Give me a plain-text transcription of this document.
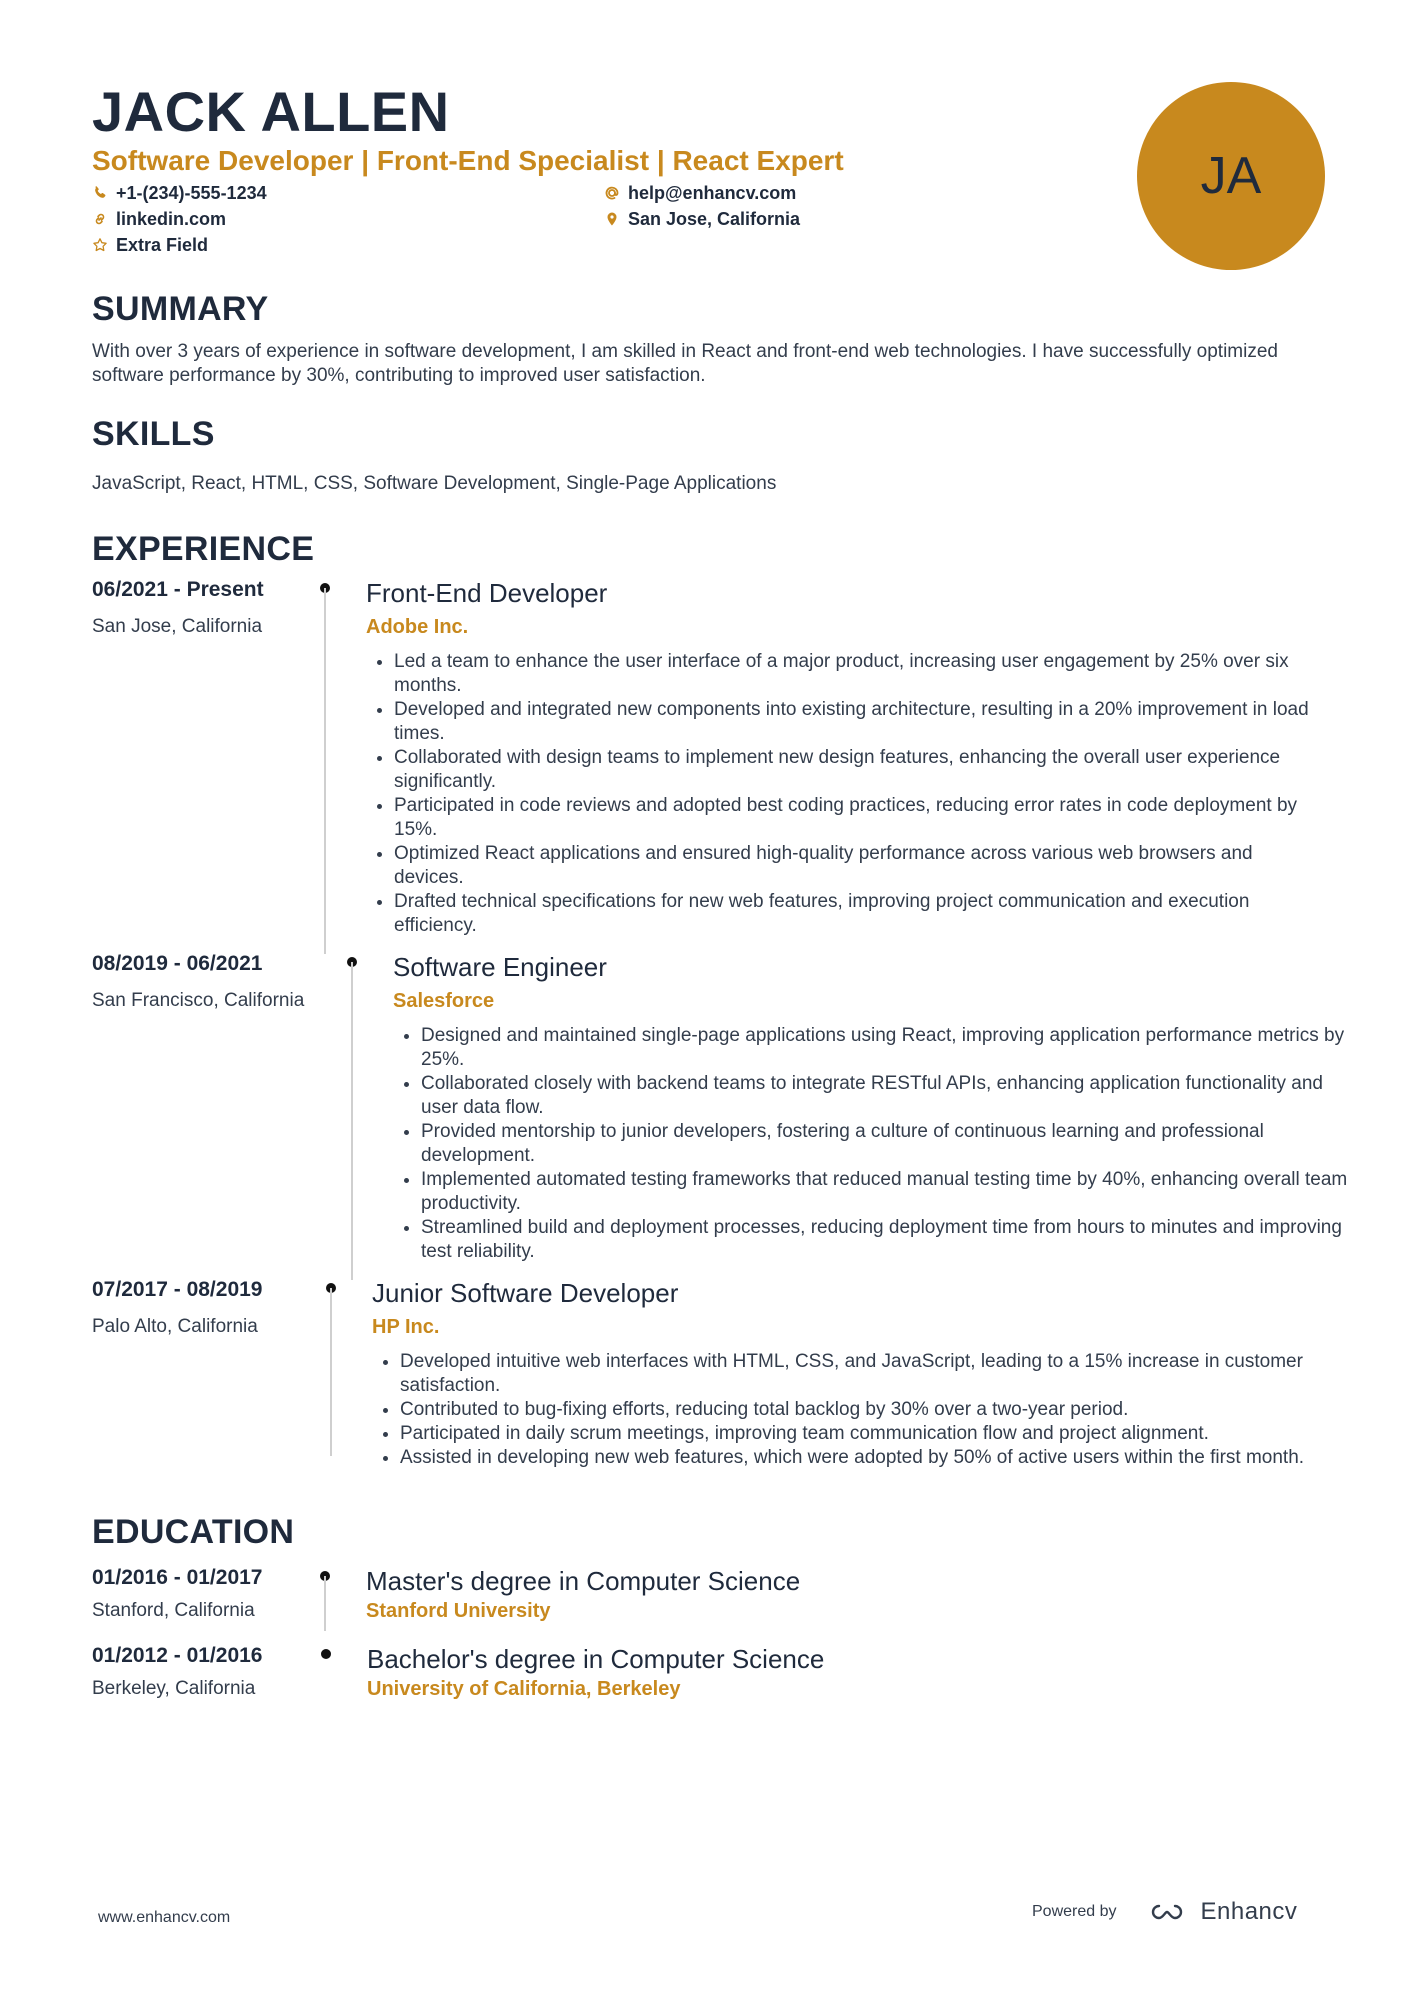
JACK ALLEN
Software Developer | Front-End Specialist | React Expert
+1-(234)-555-1234	help@enhancv.com
linkedin.com	San Jose, California
Extra Field
JA
SUMMARY
With over 3 years of experience in software development, I am skilled in React and front-end web technologies. I have successfully optimized software performance by 30%, contributing to improved user satisfaction.
SKILLS
JavaScript, React, HTML, CSS, Software Development, Single-Page Applications
EXPERIENCE
06/2021 - Present
San Jose, California
Front-End Developer
Adobe Inc.
• Led a team to enhance the user interface of a major product, increasing user engagement by 25% over six months.
• Developed and integrated new components into existing architecture, resulting in a 20% improvement in load times.
• Collaborated with design teams to implement new design features, enhancing the overall user experience significantly.
• Participated in code reviews and adopted best coding practices, reducing error rates in code deployment by 15%.
• Optimized React applications and ensured high-quality performance across various web browsers and devices.
• Drafted technical specifications for new web features, improving project communication and execution efficiency.
08/2019 - 06/2021
San Francisco, California
Software Engineer
Salesforce
• Designed and maintained single-page applications using React, improving application performance metrics by 25%.
• Collaborated closely with backend teams to integrate RESTful APIs, enhancing application functionality and user data flow.
• Provided mentorship to junior developers, fostering a culture of continuous learning and professional development.
• Implemented automated testing frameworks that reduced manual testing time by 40%, enhancing overall team productivity.
• Streamlined build and deployment processes, reducing deployment time from hours to minutes and improving test reliability.
07/2017 - 08/2019
Palo Alto, California
Junior Software Developer
HP Inc.
• Developed intuitive web interfaces with HTML, CSS, and JavaScript, leading to a 15% increase in customer satisfaction.
• Contributed to bug-fixing efforts, reducing total backlog by 30% over a two-year period.
• Participated in daily scrum meetings, improving team communication flow and project alignment.
• Assisted in developing new web features, which were adopted by 50% of active users within the first month.
EDUCATION
01/2016 - 01/2017
Stanford, California
Master's degree in Computer Science
Stanford University
01/2012 - 01/2016
Berkeley, California
Bachelor's degree in Computer Science
University of California, Berkeley
www.enhancv.com	Powered by	Enhancv
